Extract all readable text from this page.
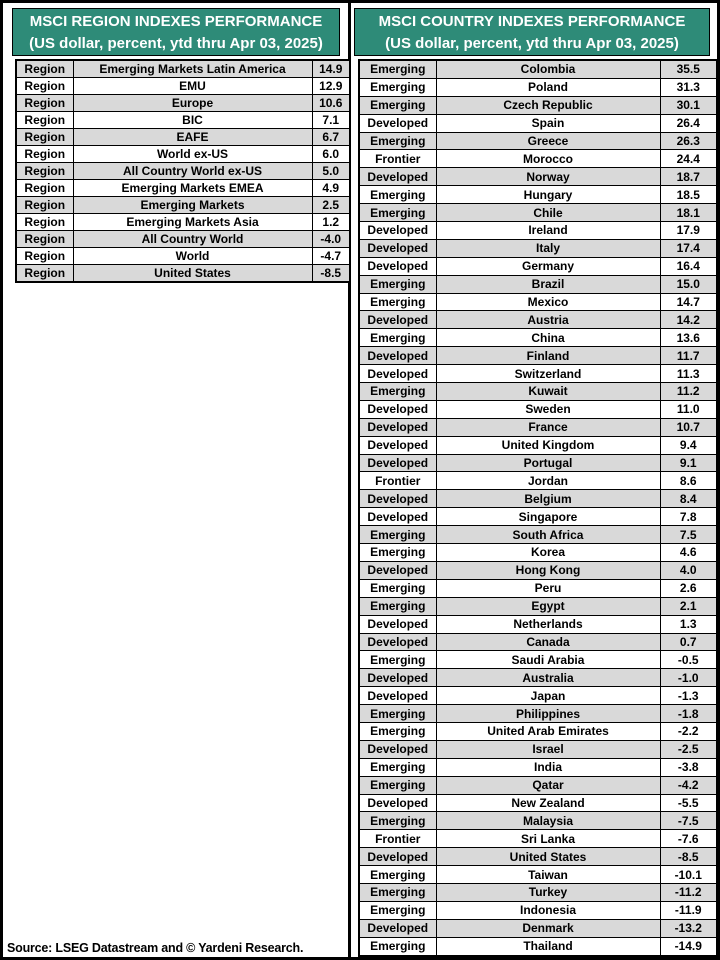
MSCI REGION INDEXES PERFORMANCE
(US dollar, percent, ytd thru Apr 03, 2025)
Region	Emerging Markets Latin America	14.9
Region	EMU	12.9
Region	Europe	10.6
Region	BIC	7.1
Region	EAFE	6.7
Region	World ex-US	6.0
Region	All Country World ex-US	5.0
Region	Emerging Markets EMEA	4.9
Region	Emerging Markets	2.5
Region	Emerging Markets Asia	1.2
Region	All Country World	-4.0
Region	World	-4.7
Region	United States	-8.5
MSCI COUNTRY INDEXES PERFORMANCE
(US dollar, percent, ytd thru Apr 03, 2025)
Emerging	Colombia	35.5
Emerging	Poland	31.3
Emerging	Czech Republic	30.1
Developed	Spain	26.4
Emerging	Greece	26.3
Frontier	Morocco	24.4
Developed	Norway	18.7
Emerging	Hungary	18.5
Emerging	Chile	18.1
Developed	Ireland	17.9
Developed	Italy	17.4
Developed	Germany	16.4
Emerging	Brazil	15.0
Emerging	Mexico	14.7
Developed	Austria	14.2
Emerging	China	13.6
Developed	Finland	11.7
Developed	Switzerland	11.3
Emerging	Kuwait	11.2
Developed	Sweden	11.0
Developed	France	10.7
Developed	United Kingdom	9.4
Developed	Portugal	9.1
Frontier	Jordan	8.6
Developed	Belgium	8.4
Developed	Singapore	7.8
Emerging	South Africa	7.5
Emerging	Korea	4.6
Developed	Hong Kong	4.0
Emerging	Peru	2.6
Emerging	Egypt	2.1
Developed	Netherlands	1.3
Developed	Canada	0.7
Emerging	Saudi Arabia	-0.5
Developed	Australia	-1.0
Developed	Japan	-1.3
Emerging	Philippines	-1.8
Emerging	United Arab Emirates	-2.2
Developed	Israel	-2.5
Emerging	India	-3.8
Emerging	Qatar	-4.2
Developed	New Zealand	-5.5
Emerging	Malaysia	-7.5
Frontier	Sri Lanka	-7.6
Developed	United States	-8.5
Emerging	Taiwan	-10.1
Emerging	Turkey	-11.2
Emerging	Indonesia	-11.9
Developed	Denmark	-13.2
Emerging	Thailand	-14.9
Source: LSEG Datastream and © Yardeni Research.
